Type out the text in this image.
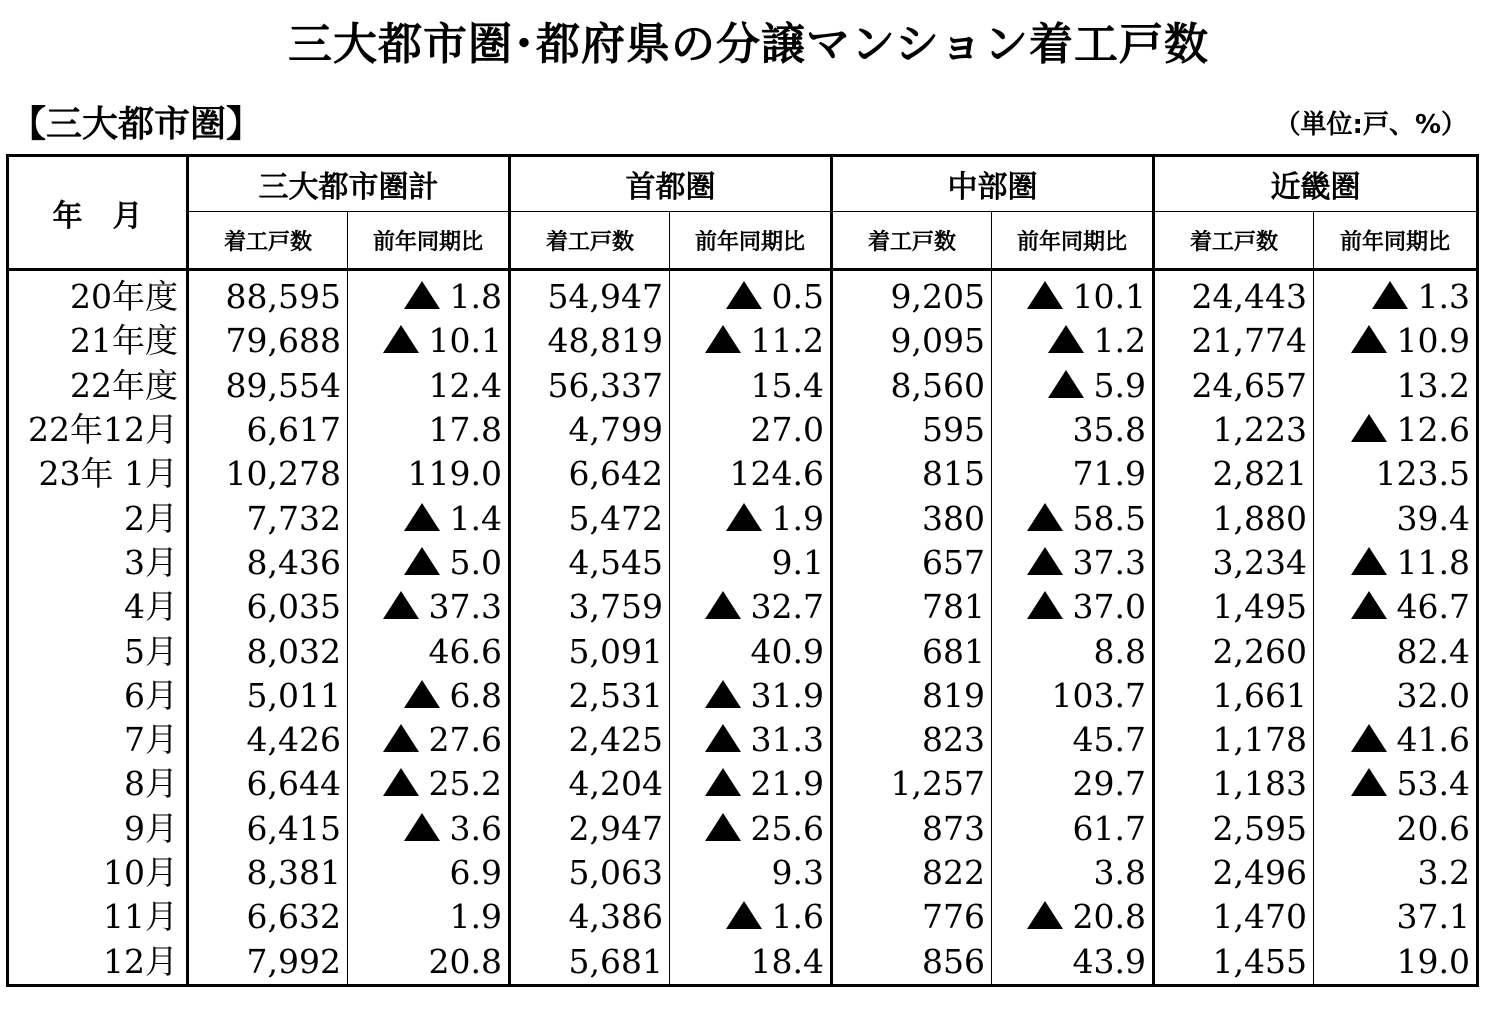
三大都市圏･都府県の分譲マンション着工戸数
【三大都市圏】	（単位:戸、%）
年　月	三大都市圏計		首都圏		中部圏		近畿圏	
	着工戸数	前年同期比	着工戸数	前年同期比	着工戸数	前年同期比	着工戸数	前年同期比
20年度	88,595	1.8	54,947	0.5	9,205	10.1	24,443	1.3
21年度	79,688	10.1	48,819	11.2	9,095	1.2	21,774	10.9
22年度	89,554	12.4	56,337	15.4	8,560	5.9	24,657	13.2
22年12月	6,617	17.8	4,799	27.0	595	35.8	1,223	12.6
23年 1月	10,278	119.0	6,642	124.6	815	71.9	2,821	123.5
2月	7,732	1.4	5,472	1.9	380	58.5	1,880	39.4
3月	8,436	5.0	4,545	9.1	657	37.3	3,234	11.8
4月	6,035	37.3	3,759	32.7	781	37.0	1,495	46.7
5月	8,032	46.6	5,091	40.9	681	8.8	2,260	82.4
6月	5,011	6.8	2,531	31.9	819	103.7	1,661	32.0
7月	4,426	27.6	2,425	31.3	823	45.7	1,178	41.6
8月	6,644	25.2	4,204	21.9	1,257	29.7	1,183	53.4
9月	6,415	3.6	2,947	25.6	873	61.7	2,595	20.6
10月	8,381	6.9	5,063	9.3	822	3.8	2,496	3.2
11月	6,632	1.9	4,386	1.6	776	20.8	1,470	37.1
12月	7,992	20.8	5,681	18.4	856	43.9	1,455	19.0
